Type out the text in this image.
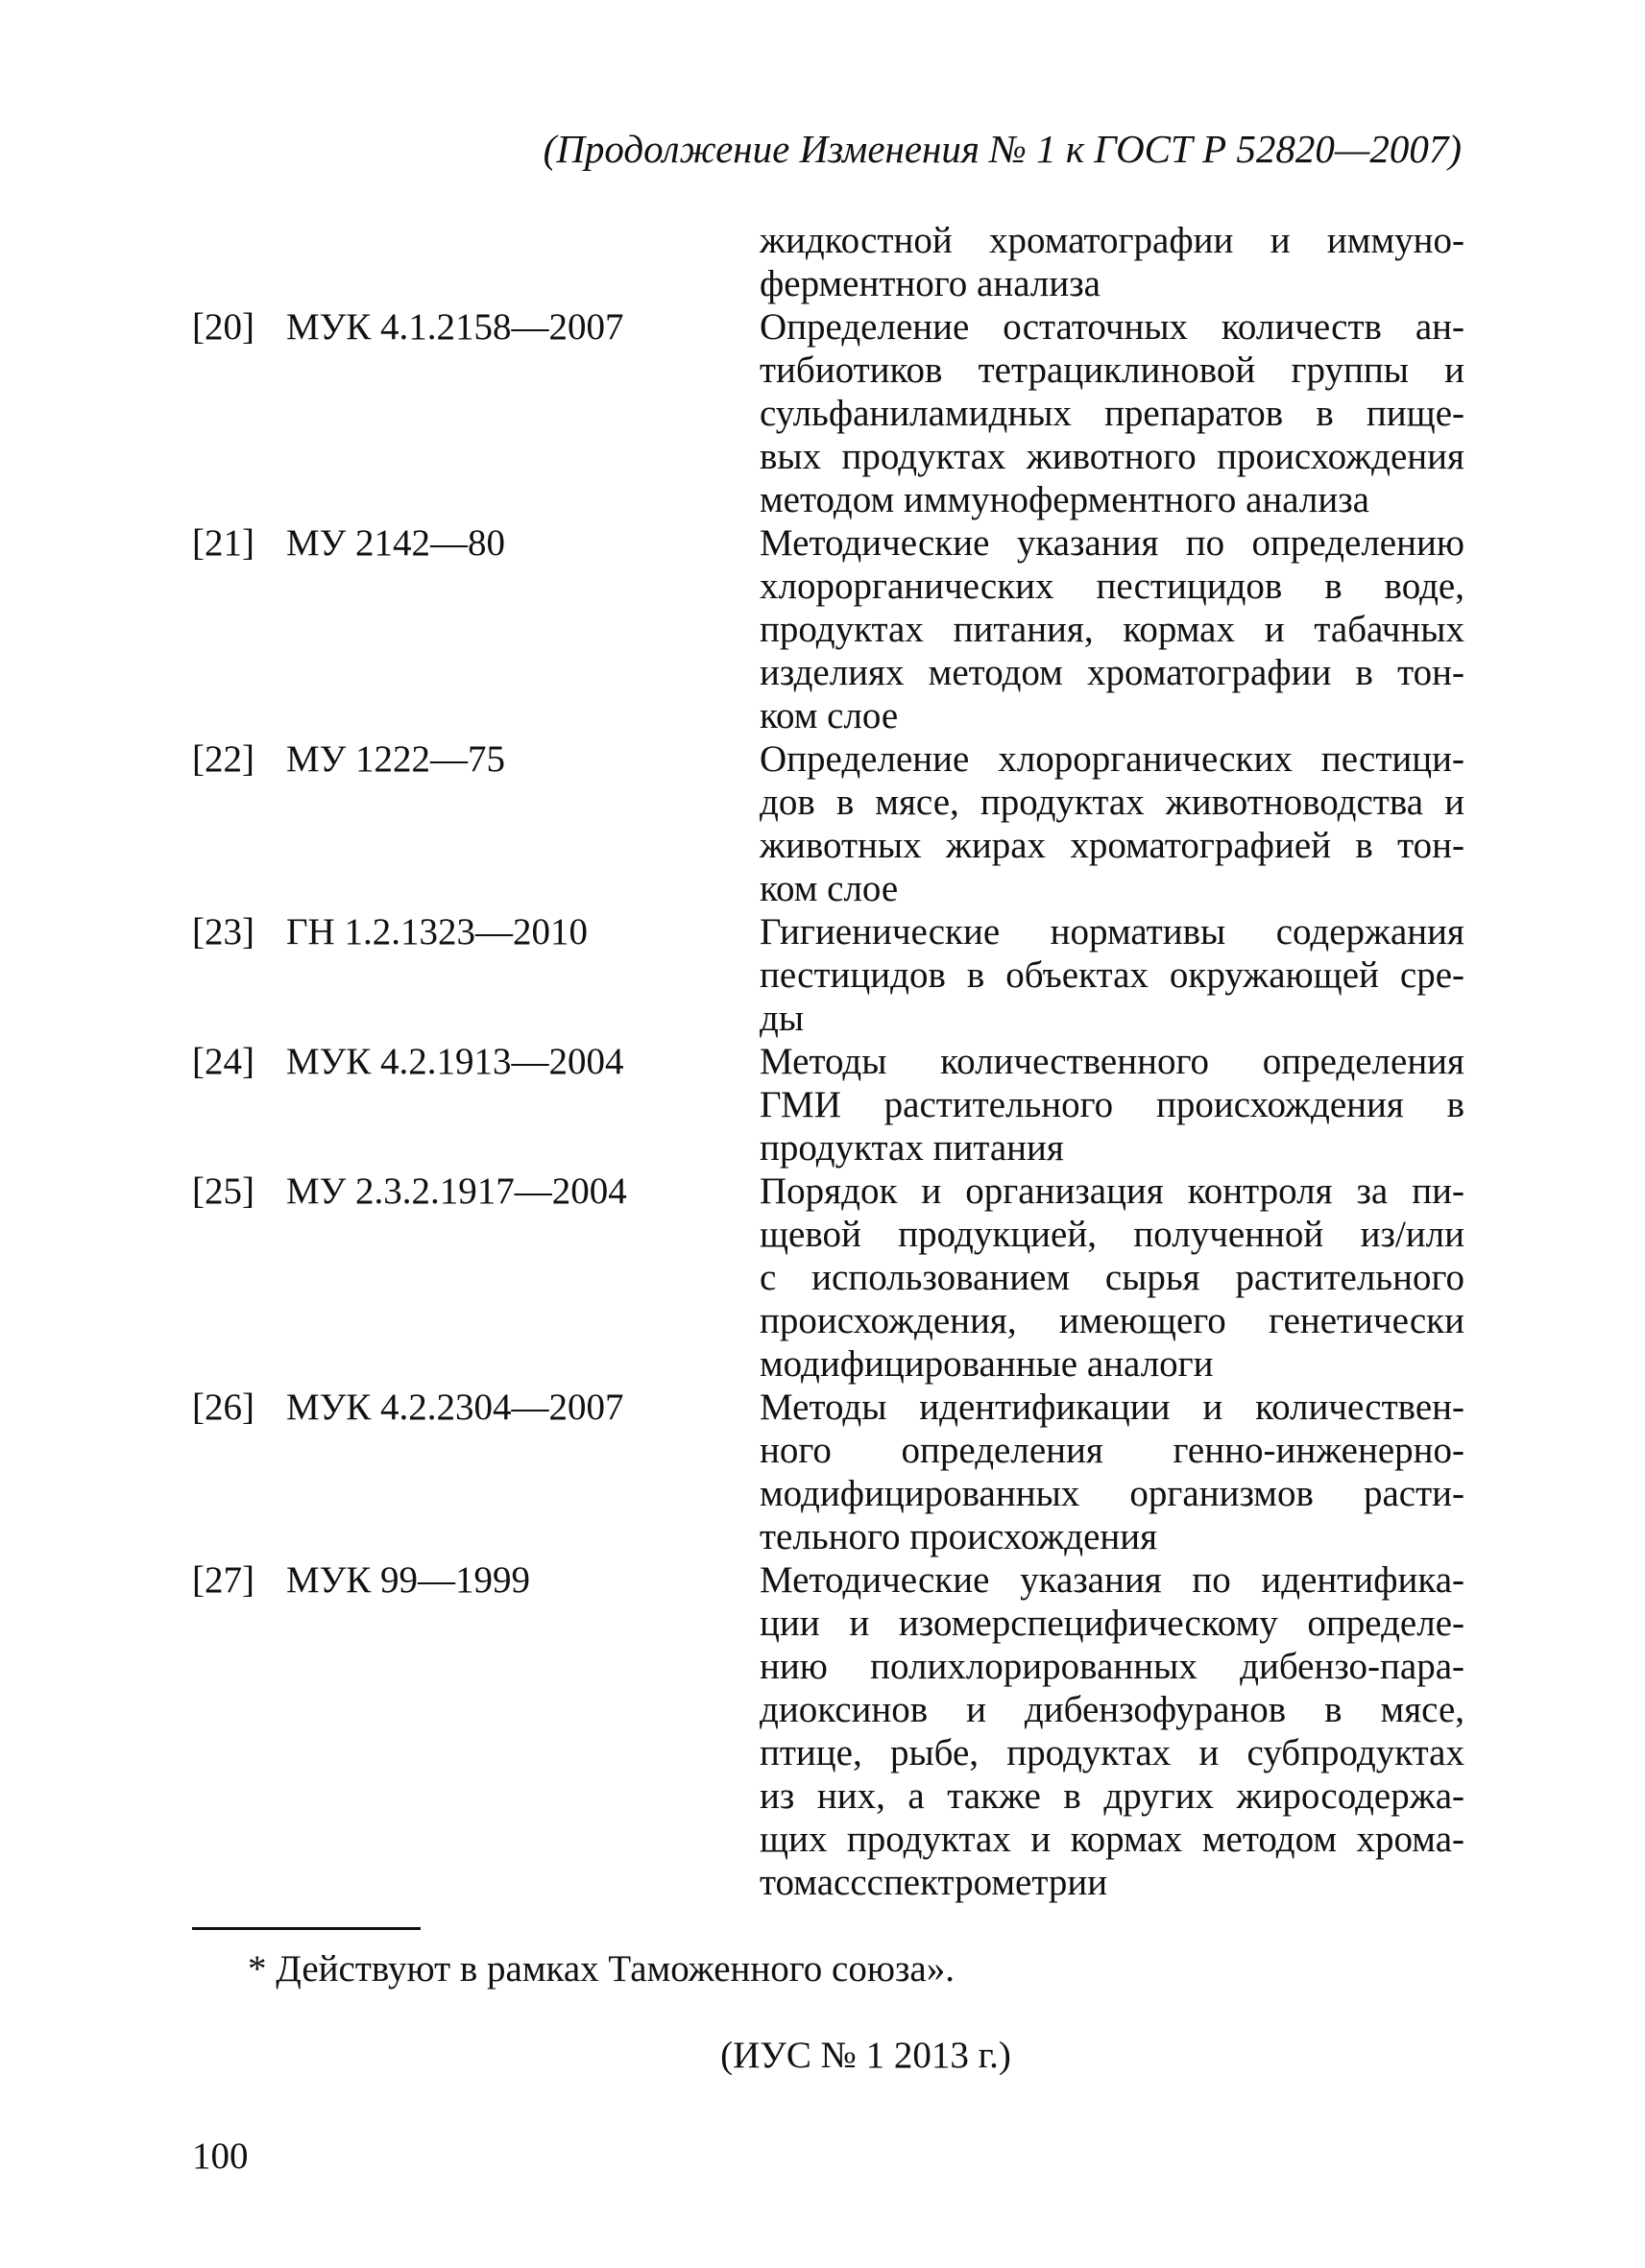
(Продолжение Изменения № 1 к ГОСТ Р 52820—2007)
жидкостной хроматографии и иммуно-
ферментного анализа
[20] МУК 4.1.2158—2007	Определение остаточных количеств ан-
тибиотиков тетрациклиновой группы и
сульфаниламидных препаратов в пище-
вых продуктах животного происхождения
методом иммуноферментного анализа
[21] МУ 2142—80	Методические указания по определению
хлорорганических пестицидов в воде,
продуктах питания, кормах и табачных
изделиях методом хроматографии в тон-
ком слое
[22] МУ 1222—75	Определение хлорорганических пестици-
дов в мясе, продуктах животноводства и
животных жирах хроматографией в тон-
ком слое
[23] ГН 1.2.1323—2010	Гигиенические нормативы содержания
пестицидов в объектах окружающей сре-
ды
[24] МУК 4.2.1913—2004	Методы количественного определения
ГМИ растительного происхождения в
продуктах питания
[25] МУ 2.3.2.1917—2004	Порядок и организация контроля за пи-
щевой продукцией, полученной из/или
с использованием сырья растительного
происхождения, имеющего генетически
модифицированные аналоги
[26] МУК 4.2.2304—2007	Методы идентификации и количествен-
ного определения генно-инженерно-
модифицированных организмов расти-
тельного происхождения
[27] МУК 99—1999	Методические указания по идентифика-
ции и изомерспецифическому определе-
нию полихлорированных дибензо-пара-
диоксинов и дибензофуранов в мясе,
птице, рыбе, продуктах и субпродуктах
из них, а также в других жиросодержа-
щих продуктах и кормах методом хрома-
томассспектрометрии
* Действуют в рамках Таможенного союза».
(ИУС № 1 2013 г.)
100
